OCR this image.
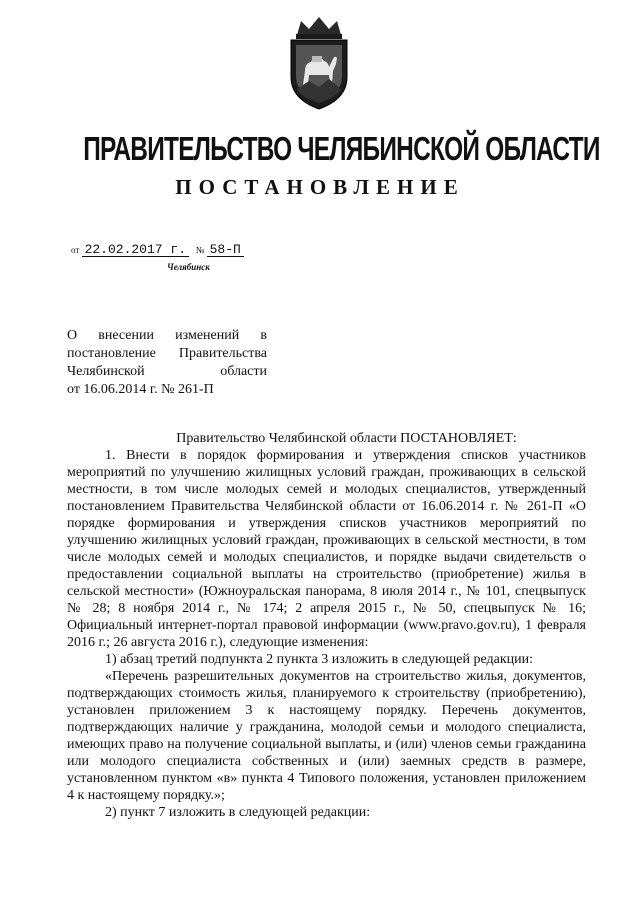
ПРАВИТЕЛЬСТВО ЧЕЛЯБИНСКОЙ ОБЛАСТИ
ПОСТАНОВЛЕНИЕ
от 22.02.2017 г. № 58-П
Челябинск
О внесении изменений в
постановление Правительства
Челябинской области
от 16.06.2014 г. № 261-П
Правительство Челябинской области ПОСТАНОВЛЯЕТ:

1. Внести в порядок формирования и утверждения списков участников мероприятий по улучшению жилищных условий граждан, проживающих в сельской местности, в том числе молодых семей и молодых специалистов, утвержденный постановлением Правительства Челябинской области от 16.06.2014 г. № 261-П «О порядке формирования и утверждения списков участников мероприятий по улучшению жилищных условий граждан, проживающих в сельской местности, в том числе молодых семей и молодых специалистов, и порядке выдачи свидетельств о предоставлении социальной выплаты на строительство (приобретение) жилья в сельской местности» (Южноуральская панорама, 8 июля 2014 г., № 101, спецвыпуск № 28; 8 ноября 2014 г., № 174; 2 апреля 2015 г., № 50, спецвыпуск № 16; Официальный интернет-портал правовой информации (www.pravo.gov.ru), 1 февраля 2016 г.; 26 августа 2016 г.), следующие изменения:

1) абзац третий подпункта 2 пункта 3 изложить в следующей редакции:

«Перечень разрешительных документов на строительство жилья, документов, подтверждающих стоимость жилья, планируемого к строительству (приобретению), установлен приложением 3 к настоящему порядку. Перечень документов, подтверждающих наличие у гражданина, молодой семьи и молодого специалиста, имеющих право на получение социальной выплаты, и (или) членов семьи гражданина или молодого специалиста собственных и (или) заемных средств в размере, установленном пунктом «в» пункта 4 Типового положения, установлен приложением 4 к настоящему порядку.»;

2) пункт 7 изложить в следующей редакции:
